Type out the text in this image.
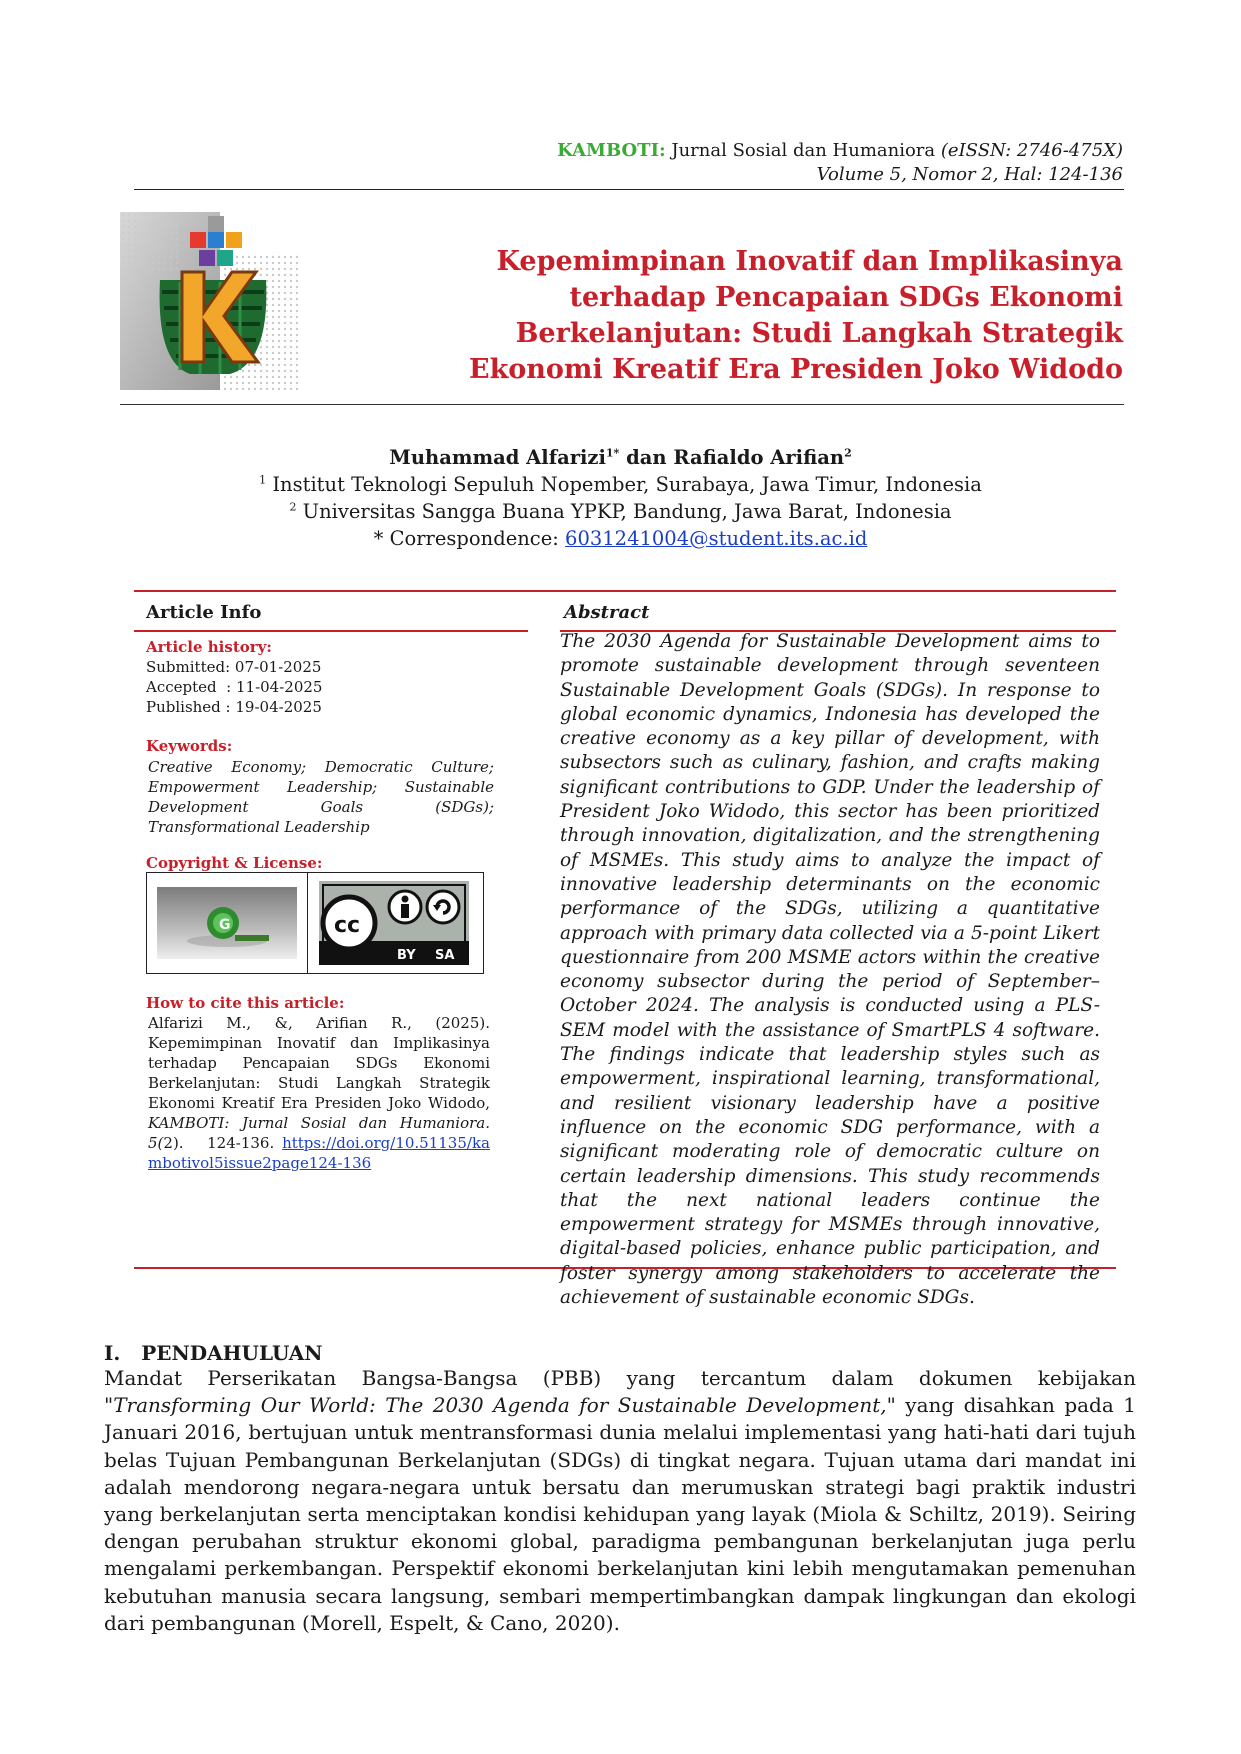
KAMBOTI: Jurnal Sosial dan Humaniora (eISSN: 2746-475X)
Volume 5, Nomor 2, Hal: 124-136
Kepemimpinan Inovatif dan Implikasinya terhadap Pencapaian SDGs Ekonomi Berkelanjutan: Studi Langkah Strategik Ekonomi Kreatif Era Presiden Joko Widodo
Muhammad Alfarizi$^{1*}$ dan Rafialdo Arifian$^2$
$^1$ Institut Teknologi Sepuluh Nopember, Surabaya, Jawa Timur, Indonesia
$^2$ Universitas Sangga Buana YPKP, Bandung, Jawa Barat, Indonesia
* Correspondence: 6031241004@student.its.ac.id
Article Info
Article history:
Submitted: 07-01-2025
Accepted  : 11-04-2025
Published : 19-04-2025
Keywords:
Creative Economy; Democratic Culture; Empowerment Leadership; Sustainable Development Goals (SDGs); Transformational Leadership
Copyright & License:
G	cc
BY SA
How to cite this article:
Alfarizi M., &, Arifian R., (2025). Kepemimpinan Inovatif dan Implikasinya terhadap Pencapaian SDGs Ekonomi Berkelanjutan: Studi Langkah Strategik Ekonomi Kreatif Era Presiden Joko Widodo, KAMBOTI: Jurnal Sosial dan Humaniora. 5(2).   124-136. https://doi.org/10.51135/kambotivol5issue2page124-136
Abstract
The 2030 Agenda for Sustainable Development aims to promote sustainable development through seventeen Sustainable Development Goals (SDGs). In response to global economic dynamics, Indonesia has developed the creative economy as a key pillar of development, with subsectors such as culinary, fashion, and crafts making significant contributions to GDP. Under the leadership of President Joko Widodo, this sector has been prioritized through innovation, digitalization, and the strengthening of MSMEs. This study aims to analyze the impact of innovative leadership determinants on the economic performance of the SDGs, utilizing a quantitative approach with primary data collected via a 5-point Likert questionnaire from 200 MSME actors within the creative economy subsector during the period of September–October 2024. The analysis is conducted using a PLS-SEM model with the assistance of SmartPLS 4 software. The findings indicate that leadership styles such as empowerment, inspirational learning, transformational, and resilient visionary leadership have a positive influence on the economic SDG performance, with a significant moderating role of democratic culture on certain leadership dimensions. This study recommends that the next national leaders continue the empowerment strategy for MSMEs through innovative, digital-based policies, enhance public participation, and foster synergy among stakeholders to accelerate the achievement of sustainable economic SDGs.
I. PENDAHULUAN
Mandat Perserikatan Bangsa-Bangsa (PBB) yang tercantum dalam dokumen kebijakan "Transforming Our World: The 2030 Agenda for Sustainable Development," yang disahkan pada 1 Januari 2016, bertujuan untuk mentransformasi dunia melalui implementasi yang hati-hati dari tujuh belas Tujuan Pembangunan Berkelanjutan (SDGs) di tingkat negara. Tujuan utama dari mandat ini adalah mendorong negara-negara untuk bersatu dan merumuskan strategi bagi praktik industri yang berkelanjutan serta menciptakan kondisi kehidupan yang layak (Miola & Schiltz, 2019). Seiring dengan perubahan struktur ekonomi global, paradigma pembangunan berkelanjutan juga perlu mengalami perkembangan. Perspektif ekonomi berkelanjutan kini lebih mengutamakan pemenuhan kebutuhan manusia secara langsung, sembari mempertimbangkan dampak lingkungan dan ekologi dari pembangunan (Morell, Espelt, & Cano, 2020).
